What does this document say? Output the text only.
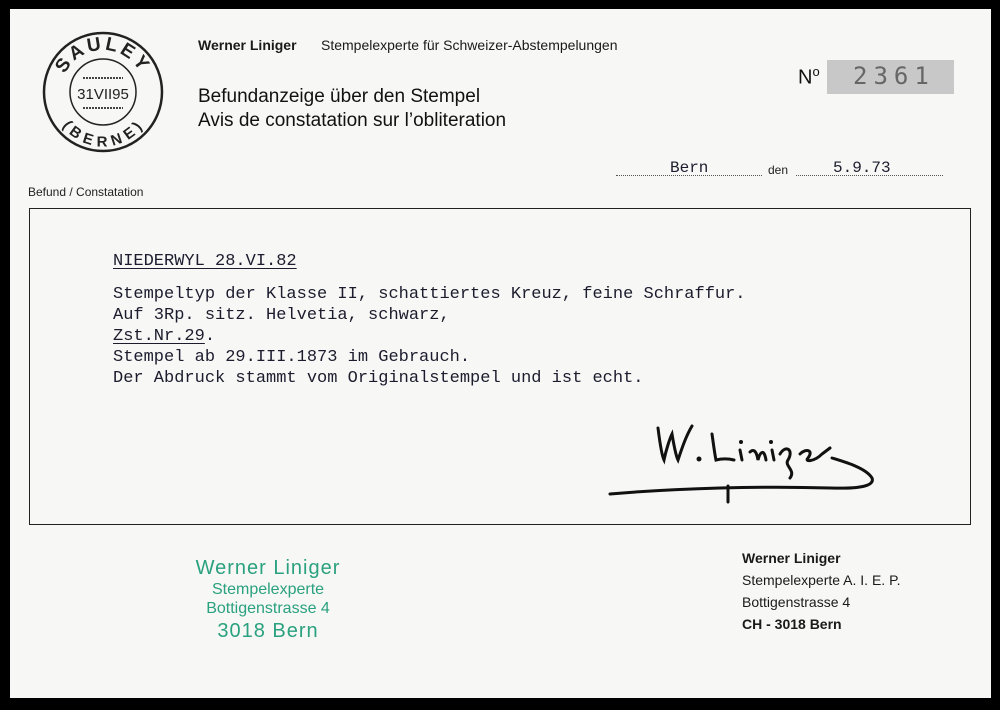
SAULEY
(BERNE)
31VII95
Werner Liniger Stempelexperte für Schweizer-Abstempelungen
Befundanzeige über den Stempel
Avis de constatation sur l’obliteration
$N^o$ 2361
Bern	den	5.9.73
Befund / Constatation
NIEDERWYL 28.VI.82
Stempeltyp der Klasse II, schattiertes Kreuz, feine Schraffur.
Auf 3Rp. sitz. Helvetia, schwarz,
Zst.Nr.29.
Stempel ab 29.III.1873 im Gebrauch.
Der Abdruck stammt vom Originalstempel und ist echt.
Werner Liniger
Stempelexperte
Bottigenstrasse 4
3018 Bern
Werner Liniger
Stempelexperte A. I. E. P.
Bottigenstrasse 4
CH - 3018 Bern
